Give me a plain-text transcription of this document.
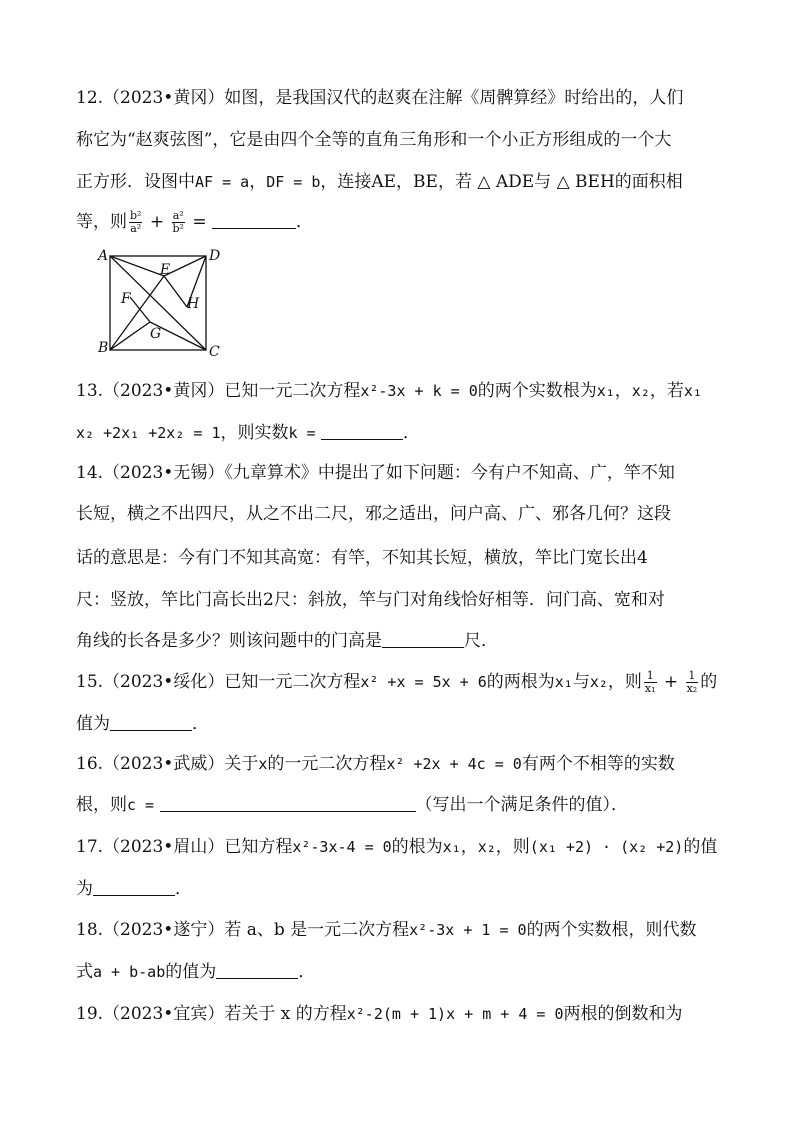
12.（2023•黄冈）如图，是我国汉代的赵爽在注解《周髀算经》时给出的，人们
称它为“赵爽弦图”，它是由四个全等的直角三角形和一个小正方形组成的一个大
正方形．设图中AF = a，DF = b，连接AE，BE，若 △ ADE与 △ BEH的面积相
等，则 $\frac{\text{b²}}{\text{a²}} + \frac{\text{a²}}{\text{b²}}$ =	．
A	D
B	C
E
F
G
H
13.（2023•黄冈）已知一元二次方程x²-3x + k = 0的两个实数根为x₁，x₂，若x₁
x₂ +2x₁ +2x₂ = 1，则实数k =	．
14.（2023•无锡）《九章算术》中提出了如下问题：今有户不知高、广，竿不知
长短，横之不出四尺，从之不出二尺，邪之适出，问户高、广、邪各几何？这段
话的意思是：今有门不知其高宽：有竿，不知其长短，横放，竿比门宽长出4
尺：竖放，竿比门高长出2尺：斜放，竿与门对角线恰好相等．问门高、宽和对
角线的长各是多少？则该问题中的门高是	尺．
15.（2023•绥化）已知一元二次方程x² +x = 5x + 6的两根为x₁与x₂，则 $\frac{1}{\text{x₁}} + \frac{1}{\text{x₂}}$ 的
值为	．
16.（2023•武威）关于x的一元二次方程x² +2x + 4c = 0有两个不相等的实数
根，则c =	（写出一个满足条件的值）．
17.（2023•眉山）已知方程x²-3x-4 = 0的根为x₁，x₂，则(x₁ +2) · (x₂ +2)的值
为	．
18.（2023•遂宁）若 a、b 是一元二次方程x²-3x + 1 = 0的两个实数根，则代数
式a + b-ab的值为	．
19.（2023•宜宾）若关于 x 的方程x²-2(m + 1)x + m + 4 = 0两根的倒数和为
